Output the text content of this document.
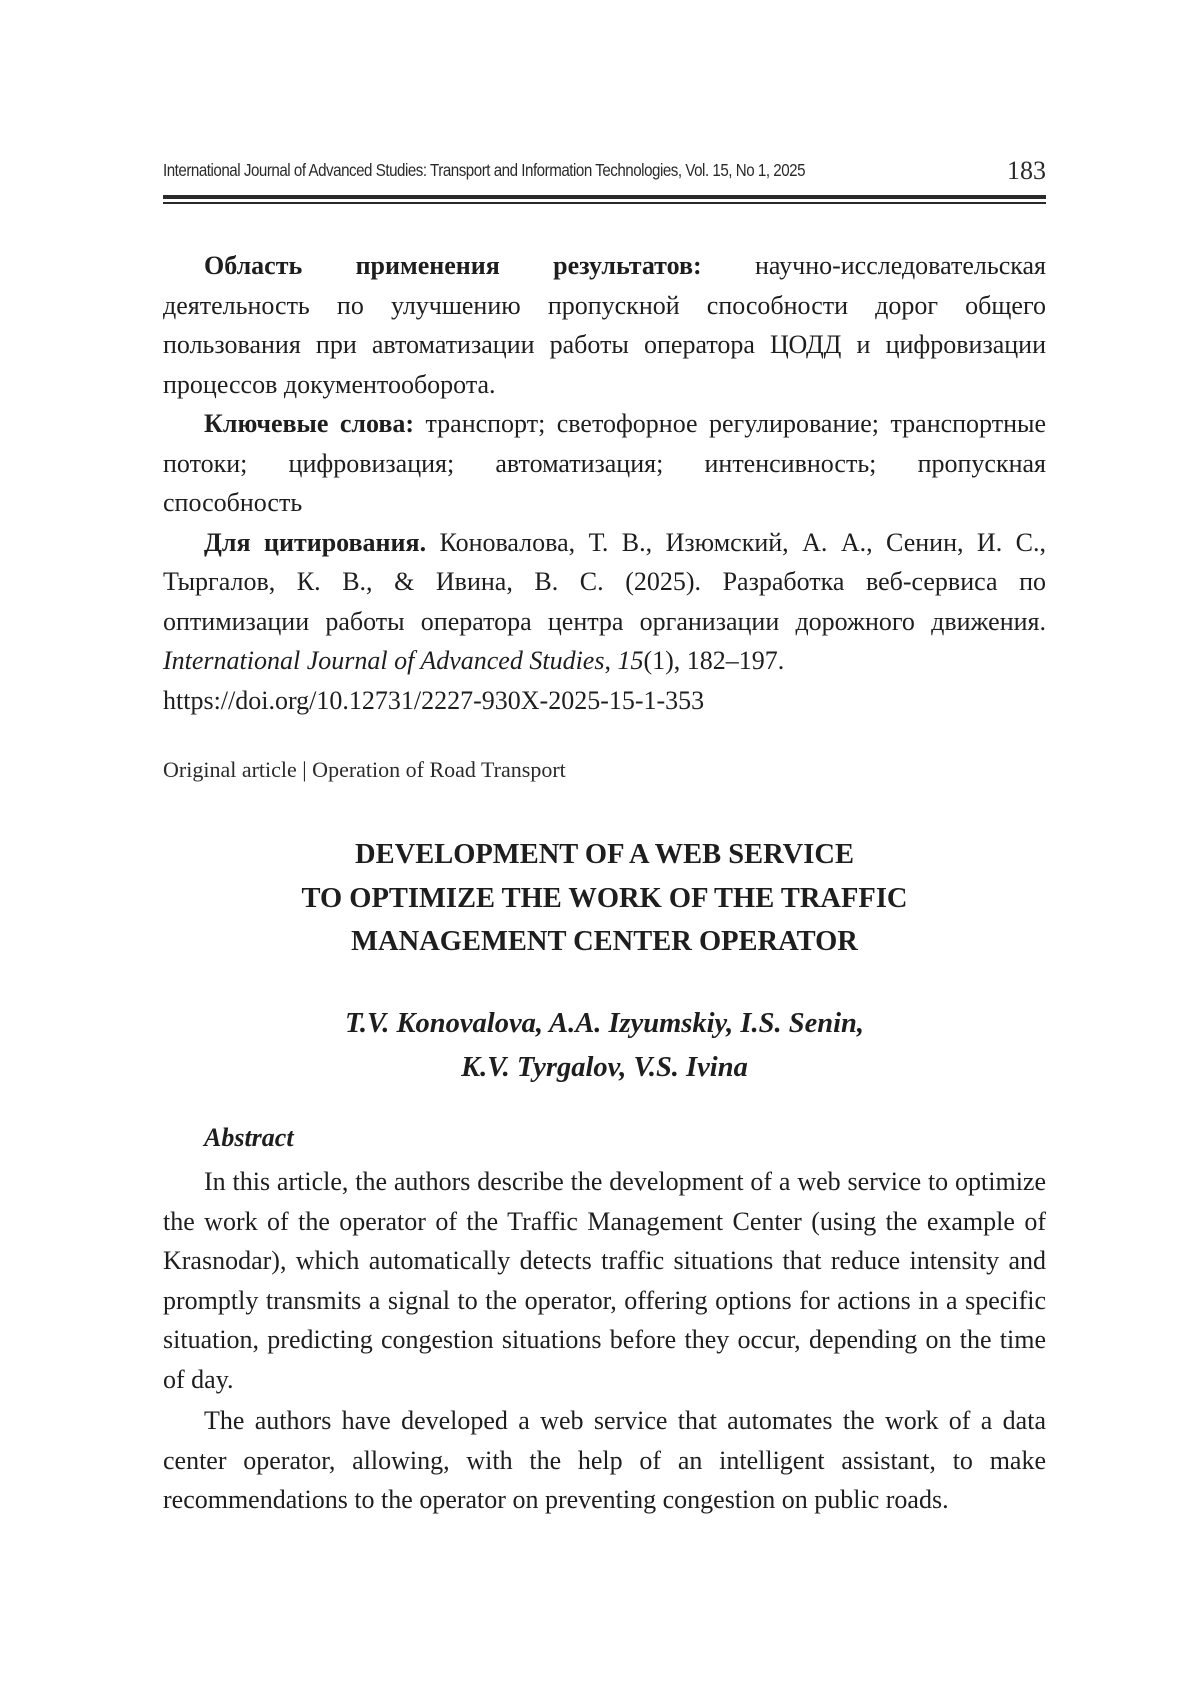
International Journal of Advanced Studies: Transport and Information Technologies, Vol. 15, No 1, 2025	183

Область применения результатов: научно-исследовательская деятельность по улучшению пропускной способности дорог общего пользования при автоматизации работы оператора ЦОДД и цифровизации процессов документооборота.

Ключевые слова: транспорт; светофорное регулирование; транспортные потоки; цифровизация; автоматизация; интенсивность; пропускная способность

Для цитирования. Коновалова, Т. В., Изюмский, А. А., Сенин, И. С., Тыргалов, К. В., & Ивина, В. С. (2025). Разработка веб-сервиса по оптимизации работы оператора центра организации дорожного движения. International Journal of Advanced Studies, 15(1), 182–197.
https://doi.org/10.12731/2227-930X-2025-15-1-353

Original article | Operation of Road Transport
DEVELOPMENT OF A WEB SERVICE
TO OPTIMIZE THE WORK OF THE TRAFFIC
MANAGEMENT CENTER OPERATOR
T.V. Konovalova, A.A. Izyumskiy, I.S. Senin,
K.V. Tyrgalov, V.S. Ivina
Abstract

In this article, the authors describe the development of a web service to optimize the work of the operator of the Traffic Management Center (using the example of Krasnodar), which automatically detects traffic situations that reduce intensity and promptly transmits a signal to the operator, offering options for actions in a specific situation, predicting congestion situations before they occur, depending on the time of day.

The authors have developed a web service that automates the work of a data center operator, allowing, with the help of an intelligent assistant, to make recommendations to the operator on preventing congestion on public roads.
